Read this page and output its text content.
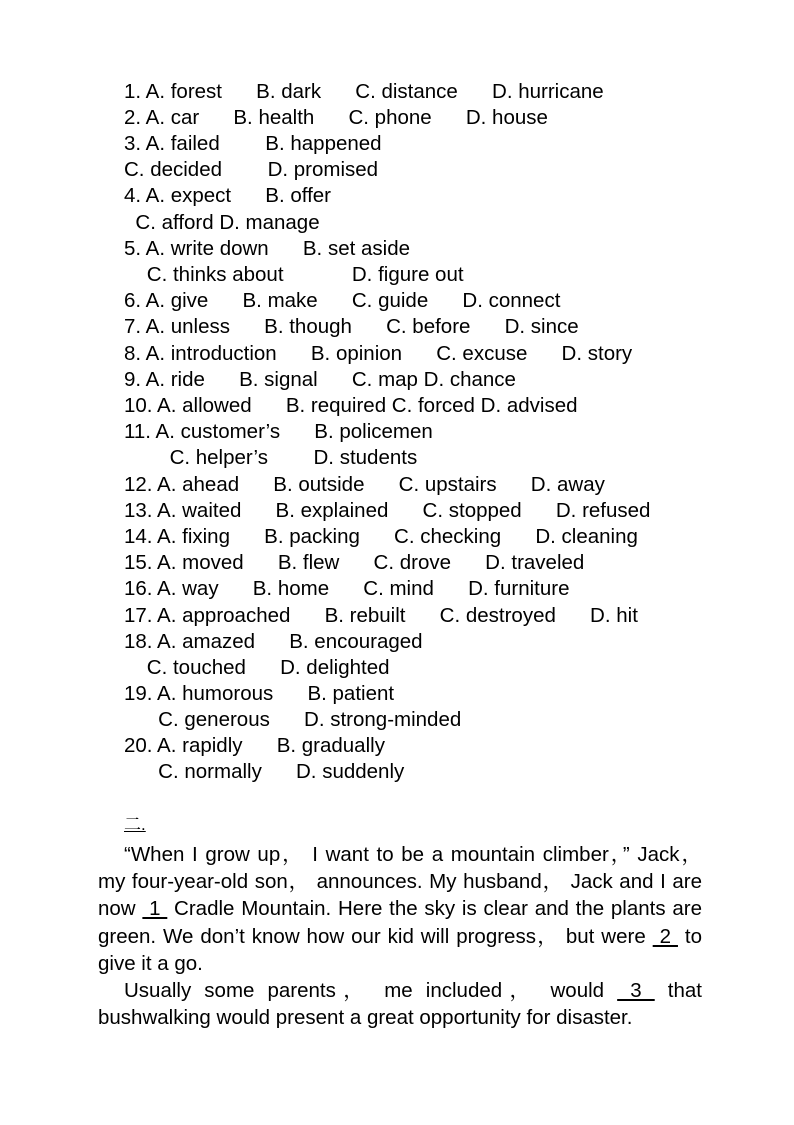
1. A. forest      B. dark      C. distance      D. hurricane
2. A. car      B. health      C. phone      D. house
3. A. failed        B. happened
C. decided        D. promised
4. A. expect      B. offer
C. afford D. manage
5. A. write down      B. set aside
C. thinks about            D. figure out
6. A. give      B. make      C. guide      D. connect
7. A. unless      B. though      C. before      D. since
8. A. introduction      B. opinion      C. excuse      D. story
9. A. ride      B. signal      C. map D. chance
10. A. allowed      B. required C. forced D. advised
11. A. customer’s      B. policemen
C. helper’s        D. students
12. A. ahead      B. outside      C. upstairs      D. away
13. A. waited      B. explained      C. stopped      D. refused
14. A. fixing      B. packing      C. checking      D. cleaning
15. A. moved      B. flew      C. drove      D. traveled
16. A. way      B. home      C. mind      D. furniture
17. A. approached      B. rebuilt      C. destroyed      D. hit
18. A. amazed      B. encouraged
C. touched      D. delighted
19. A. humorous      B. patient
C. generous      D. strong-minded
20. A. rapidly      B. gradually
C. normally      D. suddenly
二.

“When I grow up， I want to be a mountain climber，” Jack， my four-year-old son， announces. My husband， Jack and I are now  1  Cradle Mountain. Here the sky is clear and the plants are green. We don’t know how our kid will progress， but were  2  to give it a go.

Usually some parents， me included， would  3  that bushwalking would present a great opportunity for disaster.
